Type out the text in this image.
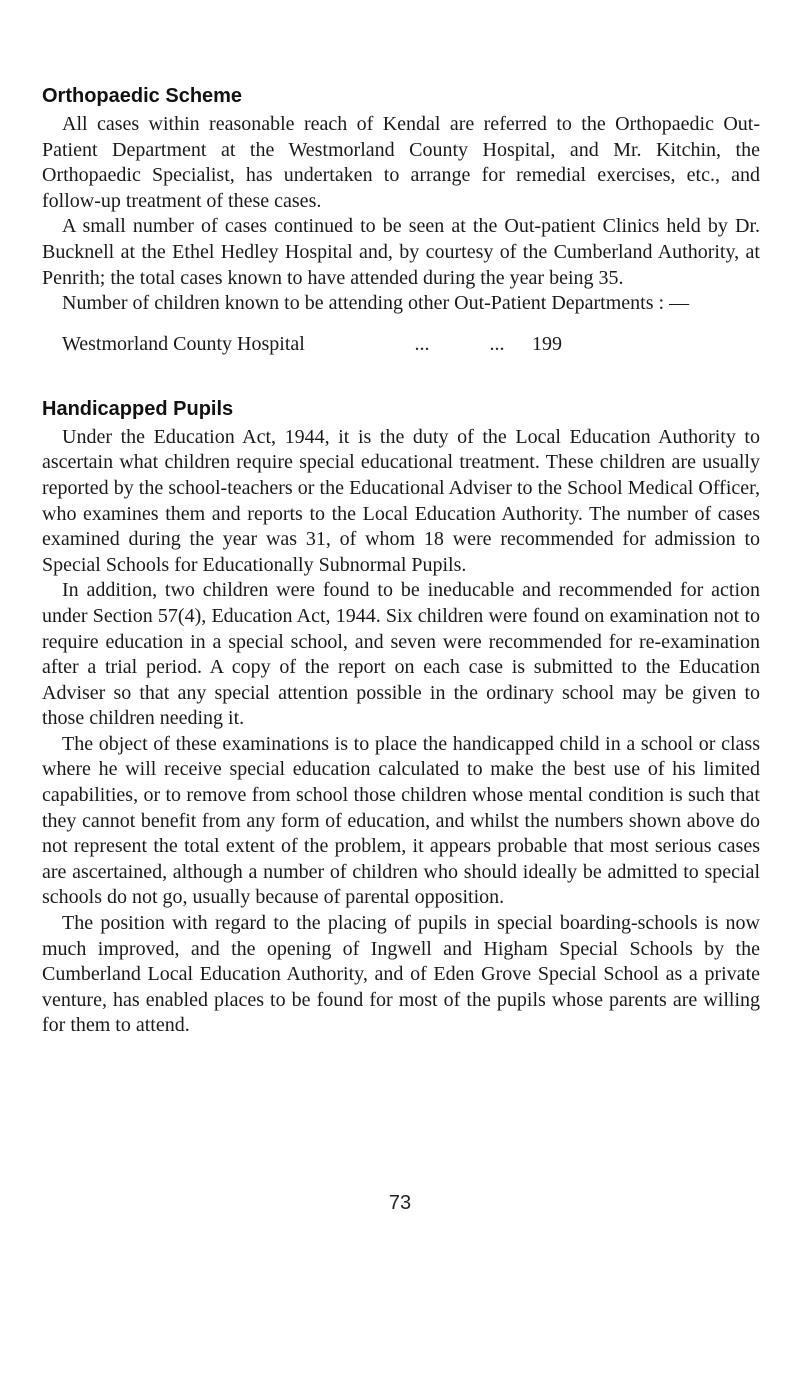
Orthopaedic Scheme

All cases within reasonable reach of Kendal are referred to the Orthopaedic Out-Patient Department at the Westmorland County Hospital, and Mr. Kitchin, the Orthopaedic Specialist, has undertaken to arrange for remedial exercises, etc., and follow-up treatment of these cases.

A small number of cases continued to be seen at the Out-patient Clinics held by Dr. Bucknell at the Ethel Hedley Hospital and, by courtesy of the Cumberland Authority, at Penrith; the total cases known to have attended during the year being 35.

Number of children known to be attending other Out-Patient Departments : —

Westmorland County Hospital	...	...	199
Handicapped Pupils

Under the Education Act, 1944, it is the duty of the Local Education Authority to ascertain what children require special educational treatment. These children are usually reported by the school-teachers or the Educational Adviser to the School Medical Officer, who examines them and reports to the Local Education Authority. The number of cases examined during the year was 31, of whom 18 were recommended for admission to Special Schools for Educationally Subnormal Pupils.

In addition, two children were found to be ineducable and recommended for action under Section 57(4), Education Act, 1944. Six children were found on examination not to require education in a special school, and seven were recommended for re-examination after a trial period. A copy of the report on each case is submitted to the Education Adviser so that any special attention possible in the ordinary school may be given to those children needing it.

The object of these examinations is to place the handicapped child in a school or class where he will receive special education calculated to make the best use of his limited capabilities, or to remove from school those children whose mental condition is such that they cannot benefit from any form of education, and whilst the numbers shown above do not represent the total extent of the problem, it appears probable that most serious cases are ascertained, although a number of children who should ideally be admitted to special schools do not go, usually because of parental opposition.

The position with regard to the placing of pupils in special boarding-schools is now much improved, and the opening of Ingwell and Higham Special Schools by the Cumberland Local Education Authority, and of Eden Grove Special School as a private venture, has enabled places to be found for most of the pupils whose parents are willing for them to attend.

73
